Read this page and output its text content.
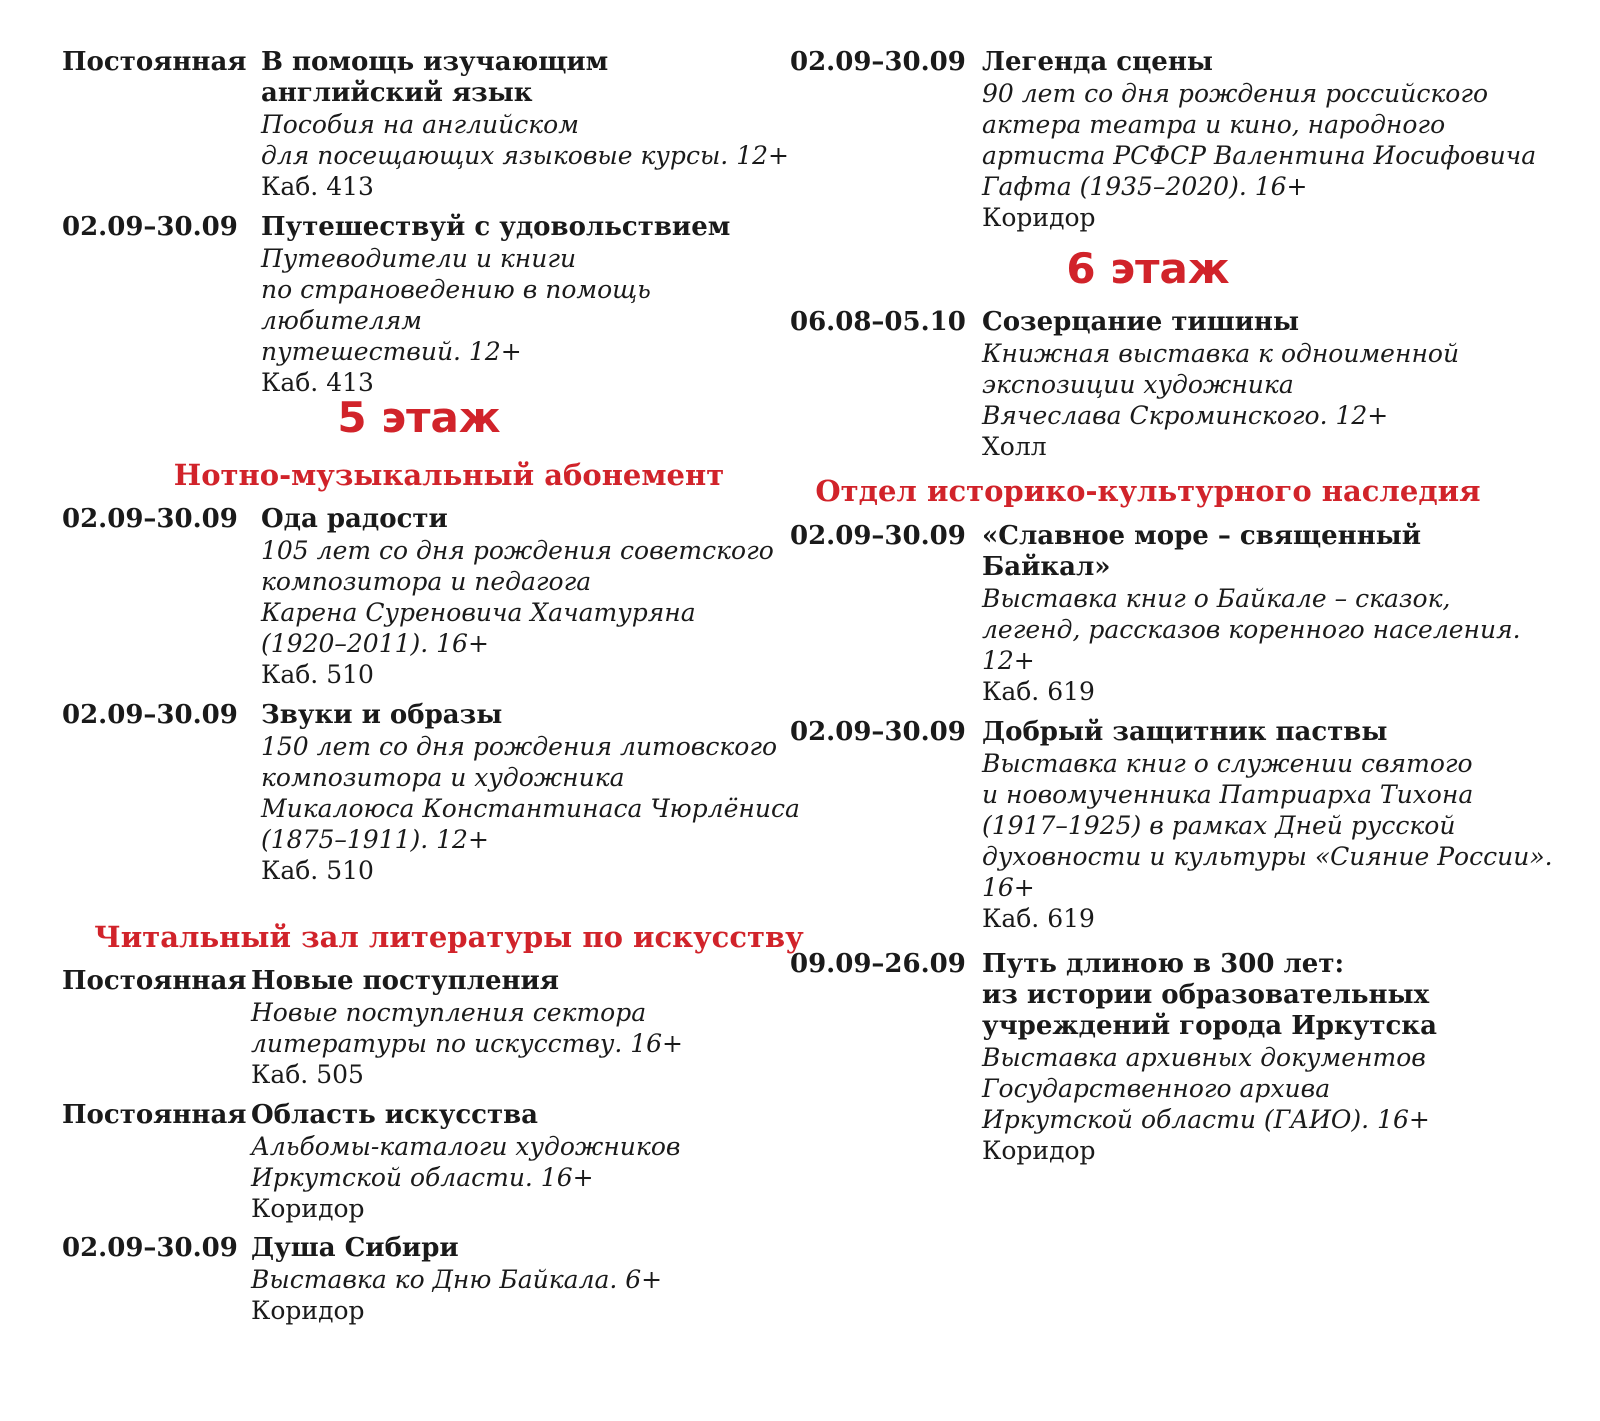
Постоянная В помощь изучающим
английский язык
Пособия на английском
для посещающих языковые курсы. 12+
Каб. 413
02.09–30.09 Путешествуй с удовольствием
Путеводители и книги
по страноведению в помощь любителям
путешествий. 12+
Каб. 413
5 этаж
Нотно-музыкальный абонемент
02.09–30.09 Ода радости
105 лет со дня рождения советского
композитора и педагога
Карена Суреновича Хачатуряна
(1920–2011). 16+
Каб. 510
02.09–30.09 Звуки и образы
150 лет со дня рождения литовского
композитора и художника
Микалоюса Константинаса Чюрлёниса
(1875–1911). 12+
Каб. 510
Читальный зал литературы по искусству
Постоянная Новые поступления
Новые поступления сектора
литературы по искусству. 16+
Каб. 505
Постоянная Область искусства
Альбомы-каталоги художников
Иркутской области. 16+
Коридор
02.09–30.09 Душа Сибири
Выставка ко Дню Байкала. 6+
Коридор
02.09–30.09 Легенда сцены
90 лет со дня рождения российского
актера театра и кино, народного
артиста РСФСР Валентина Иосифовича
Гафта (1935–2020). 16+
Коридор
6 этаж
06.08–05.10 Созерцание тишины
Книжная выставка к одноименной
экспозиции художника
Вячеслава Скроминского. 12+
Холл
Отдел историко-культурного наследия
02.09–30.09 «Славное море – священный
Байкал»
Выставка книг о Байкале – сказок,
легенд, рассказов коренного населения.
12+
Каб. 619
02.09–30.09 Добрый защитник паствы
Выставка книг о служении святого
и новомученника Патриарха Тихона
(1917–1925) в рамках Дней русской
духовности и культуры «Сияние России».
16+
Каб. 619
09.09–26.09 Путь длиною в 300 лет:
из истории образовательных
учреждений города Иркутска
Выставка архивных документов
Государственного архива
Иркутской области (ГАИО). 16+
Коридор
